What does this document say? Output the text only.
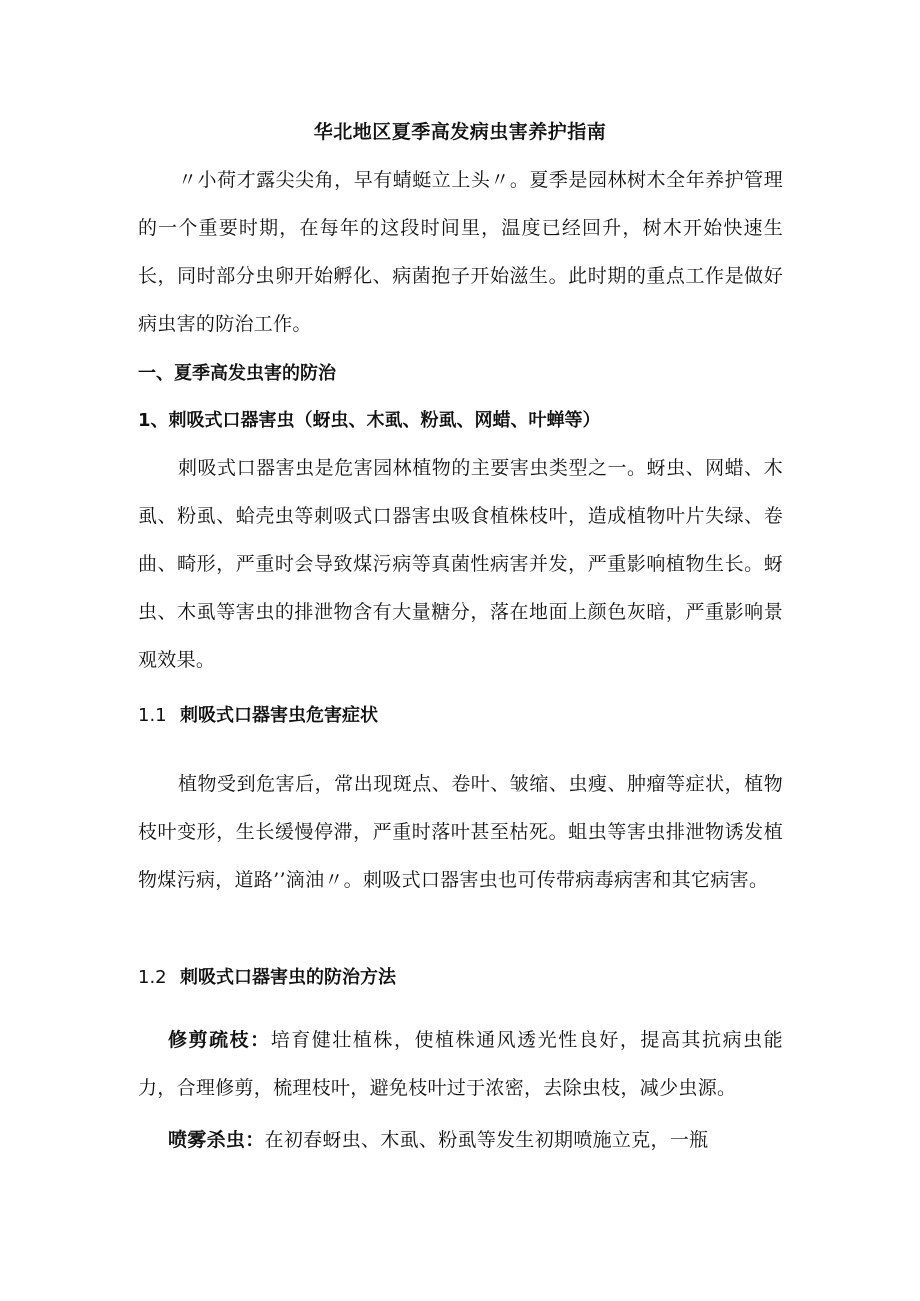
华北地区夏季高发病虫害养护指南
〃小荷才露尖尖角，早有蜻蜓立上头〃。夏季是园林树木全年养护管理的一个重要时期，在每年的这段时间里，温度已经回升，树木开始快速生长，同时部分虫卵开始孵化、病菌抱子开始滋生。此时期的重点工作是做好病虫害的防治工作。
一、夏季高发虫害的防治
1、刺吸式口器害虫（蚜虫、木虱、粉虱、网蜡、叶蝉等）
刺吸式口器害虫是危害园林植物的主要害虫类型之一。蚜虫、网蜡、木虱、粉虱、蛤壳虫等刺吸式口器害虫吸食植株枝叶，造成植物叶片失绿、卷曲、畸形，严重时会导致煤污病等真菌性病害并发，严重影响植物生长。蚜虫、木虱等害虫的排泄物含有大量糖分，落在地面上颜色灰暗，严重影响景观效果。
1.1 刺吸式口器害虫危害症状
植物受到危害后，常出现斑点、卷叶、皱缩、虫瘦、肿瘤等症状，植物枝叶变形，生长缓慢停滞，严重时落叶甚至枯死。蛆虫等害虫排泄物诱发植物煤污病，道路’’滴油〃。刺吸式口器害虫也可传带病毒病害和其它病害。
1.2 刺吸式口器害虫的防治方法
修剪疏枝：培育健壮植株，使植株通风透光性良好，提高其抗病虫能力，合理修剪，梳理枝叶，避免枝叶过于浓密，去除虫枝，减少虫源。
喷雾杀虫：在初春蚜虫、木虱、粉虱等发生初期喷施立克，一瓶
